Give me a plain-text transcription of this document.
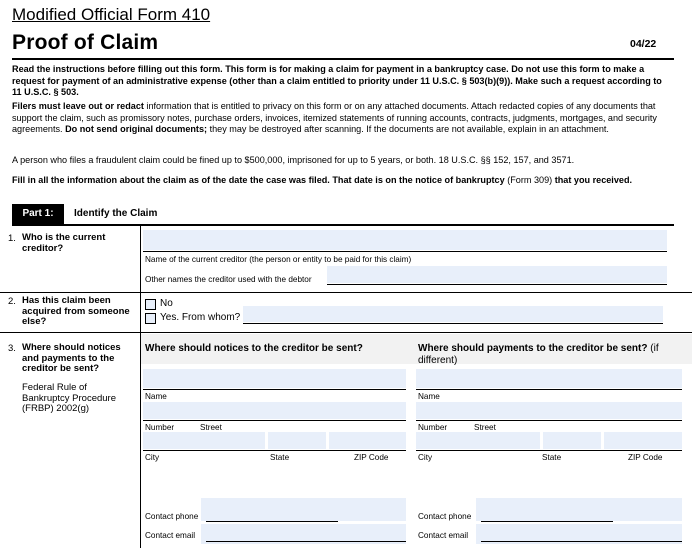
Modified Official Form 410
Proof of Claim	04/22
Read the instructions before filling out this form. This form is for making a claim for payment in a bankruptcy case. Do not use this form to make a request for payment of an administrative expense (other than a claim entitled to priority under 11 U.S.C. § 503(b)(9)). Make such a request according to 11 U.S.C. § 503.
Filers must leave out or redact information that is entitled to privacy on this form or on any attached documents. Attach redacted copies of any documents that support the claim, such as promissory notes, purchase orders, invoices, itemized statements of running accounts, contracts, judgments, mortgages, and security agreements. Do not send original documents; they may be destroyed after scanning. If the documents are not available, explain in an attachment.
A person who files a fraudulent claim could be fined up to $500,000, imprisoned for up to 5 years, or both. 18 U.S.C. §§ 152, 157, and 3571.
Fill in all the information about the claim as of the date the case was filed. That date is on the notice of bankruptcy (Form 309) that you received.
Part 1:	Identify the Claim
1. Who is the current creditor?
Name of the current creditor (the person or entity to be paid for this claim)
Other names the creditor used with the debtor
2. Has this claim been acquired from someone else?
No
Yes. From whom?
3. Where should notices and payments to the creditor be sent?
Federal Rule of Bankruptcy Procedure (FRBP) 2002(g)
Where should notices to the creditor be sent?	Where should payments to the creditor be sent? (if different)
Name
Number	Street
City	State	ZIP Code
Contact phone
Contact email
Name
Number	Street
City	State	ZIP Code
Contact phone
Contact email
